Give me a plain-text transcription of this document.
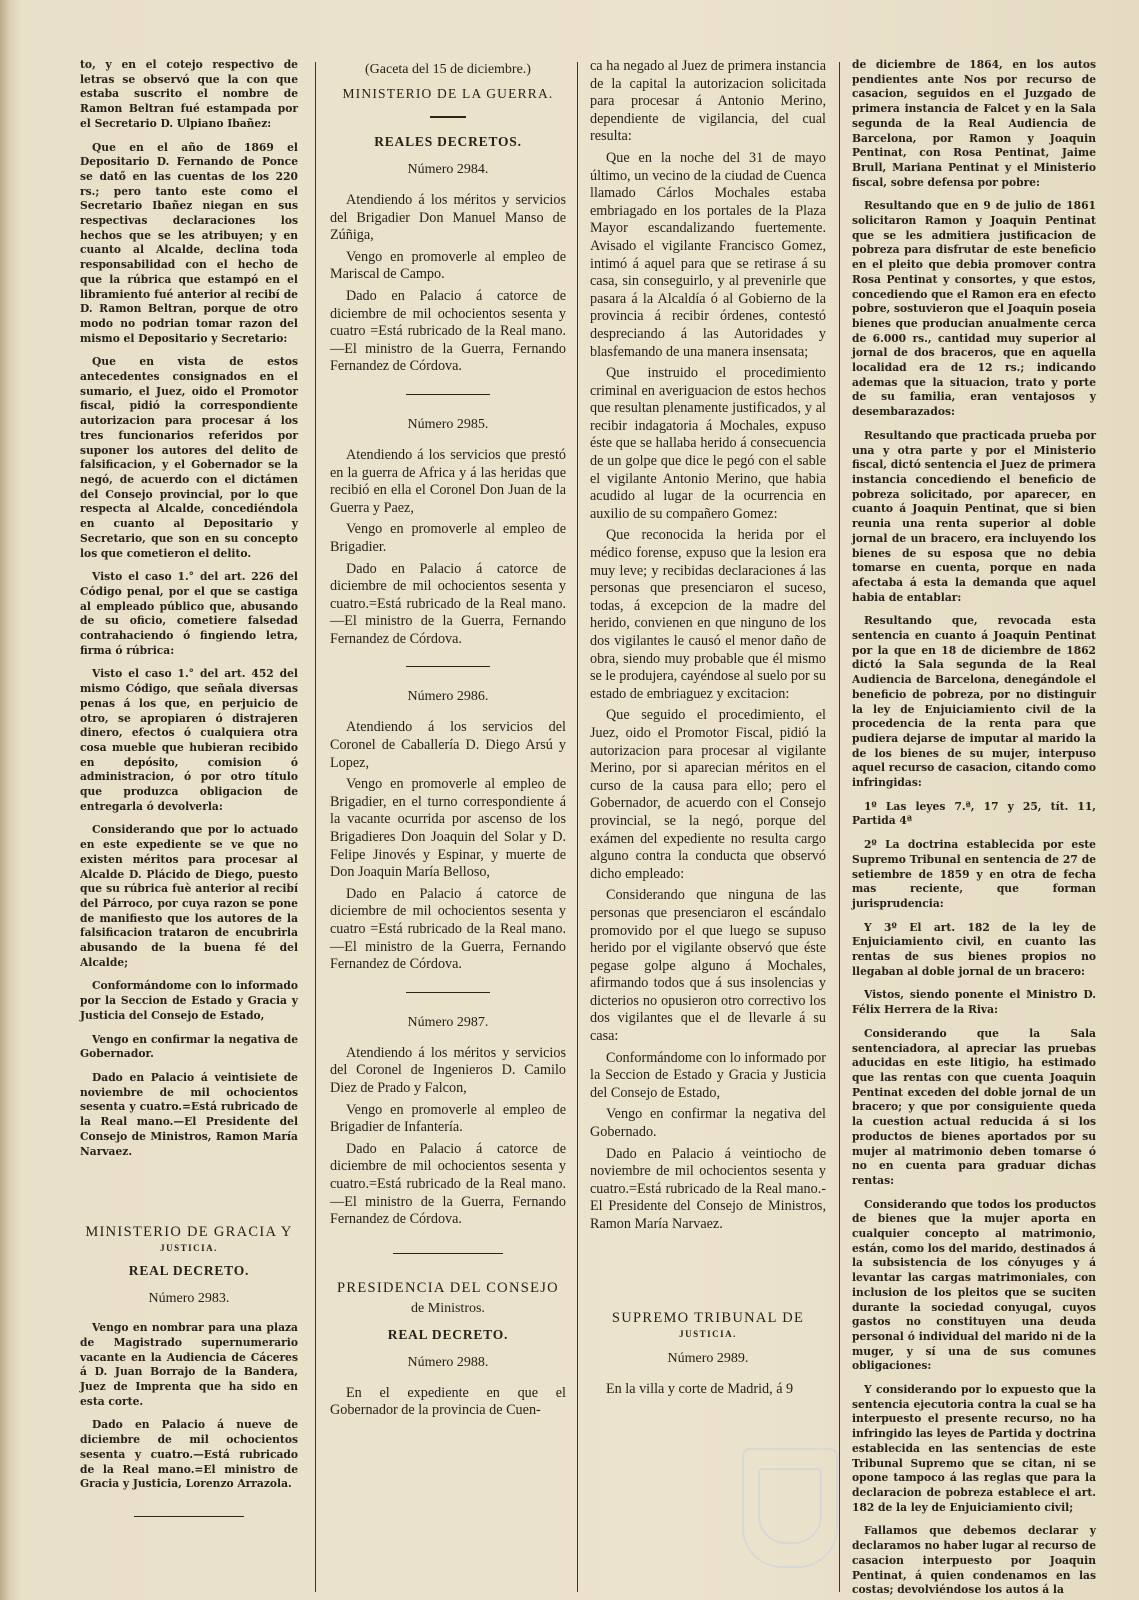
to, y en el cotejo respectivo de letras se observó que la con que estaba suscrito el nombre de Ramon Beltran fué estampada por el Secretario D. Ulpiano Ibañez:

Que en el año de 1869 el Depositario D. Fernando de Ponce se datő en las cuentas de los 220 rs.; pero tanto este como el Secretario Ibañez niegan en sus respectivas declaraciones los hechos que se les atribuyen; y en cuanto al Alcalde, declina toda responsabilidad con el hecho de que la rúbrica que estampó en el libramiento fué anterior al recibí de D. Ramon Beltran, porque de otro modo no podrian tomar razon del mismo el Depositario y Secretario:

Que en vista de estos antecedentes consignados en el sumario, el Juez, oido el Promotor fiscal, pidió la correspondiente autorizacion para procesar á los tres funcionarios referidos por suponer los autores del delito de falsificacion, y el Gobernador se la negó, de acuerdo con el dictámen del Consejo provincial, por lo que respecta al Alcalde, concediéndola en cuanto al Depositario y Secretario, que son en su concepto los que cometieron el delito.

Visto el caso 1.° del art. 226 del Código penal, por el que se castiga al empleado público que, abusando de su oficio, cometiere falsedad contrahaciendo ó fingiendo letra, firma ó rúbrica:

Visto el caso 1.° del art. 452 del mismo Código, que señala diversas penas á los que, en perjuicio de otro, se apropiaren ó distrajeren dinero, efectos ó cualquiera otra cosa mueble que hubieran recibido en depósito, comision ó administracion, ó por otro título que produzca obligacion de entregarla ó devolverla:

Considerando que por lo actuado en este expediente se ve que no existen méritos para procesar al Alcalde D. Plácido de Diego, puesto que su rúbrica fuè anterior al recibí del Párroco, por cuya razon se pone de manifiesto que los autores de la falsificacion trataron de encubrirla abusando de la buena fé del Alcalde;

Conformándome con lo informado por la Seccion de Estado y Gracia y Justicia del Consejo de Estado,

Vengo en confirmar la negativa de Gobernador.

Dado en Palacio á veintisiete de noviembre de mil ochocientos sesenta y cuatro.=Está rubricado de la Real mano.—El Presidente del Consejo de Ministros, Ramon María Narvaez.

MINISTERIO DE GRACIA Y
JUSTICIA.
REAL DECRETO.
Número 2983.

Vengo en nombrar para una plaza de Magistrado supernumerario vacante en la Audiencia de Cáceres á D. Juan Borrajo de la Bandera, Juez de Imprenta que ha sido en esta corte.

Dado en Palacio á nueve de diciembre de mil ochocientos sesenta y cuatro.—Está rubricado de la Real mano.=El ministro de Gracia y Justicia, Lorenzo Arrazola.

(Gaceta del 15 de diciembre.)
MINISTERIO DE LA GUERRA.
REALES DECRETOS.
Número 2984.

Atendiendo á los méritos y servicios del Brigadier Don Manuel Manso de Zúñiga,

Vengo en promoverle al empleo de Mariscal de Campo.

Dado en Palacio á catorce de diciembre de mil ochocientos sesenta y cuatro =Está rubricado de la Real mano.—El ministro de la Guerra, Fernando Fernandez de Córdova.

Número 2985.

Atendiendo á los servicios que prestó en la guerra de Africa y á las heridas que recibió en ella el Coronel Don Juan de la Guerra y Paez,

Vengo en promoverle al empleo de Brigadier.

Dado en Palacio á catorce de diciembre de mil ochocientos sesenta y cuatro.=Está rubricado de la Real mano.—El ministro de la Guerra, Fernando Fernandez de Córdova.

Número 2986.

Atendiendo á los servicios del Coronel de Caballería D. Diego Arsú y Lopez,

Vengo en promoverle al empleo de Brigadier, en el turno correspondiente á la vacante ocurrida por ascenso de los Brigadieres Don Joaquin del Solar y D. Felipe Jinovés y Espinar, y muerte de Don Joaquin María Belloso,

Dado en Palacio á catorce de diciembre de mil ochocientos sesenta y cuatro =Está rubricado de la Real mano.—El ministro de la Guerra, Fernando Fernandez de Córdova.

Número 2987.

Atendiendo á los méritos y servicios del Coronel de Ingenieros D. Camilo Diez de Prado y Falcon,

Vengo en promoverle al empleo de Brigadier de Infantería.

Dado en Palacio á catorce de diciembre de mil ochocientos sesenta y cuatro.=Está rubricado de la Real mano.—El ministro de la Guerra, Fernando Fernandez de Córdova.

PRESIDENCIA DEL CONSEJO
de Ministros.
REAL DECRETO.
Número 2988.

En el expediente en que el Gobernador de la provincia de Cuen-

ca ha negado al Juez de primera instancia de la capital la autorizacion solicitada para procesar á Antonio Merino, dependiente de vigilancia, del cual resulta:

Que en la noche del 31 de mayo último, un vecino de la ciudad de Cuenca llamado Cárlos Mochales estaba embriagado en los portales de la Plaza Mayor escandalizando fuertemente. Avisado el vigilante Francisco Gomez, intimó á aquel para que se retirase á su casa, sin conseguirlo, y al prevenirle que pasara á la Alcaldía ó al Gobierno de la provincia á recibir órdenes, contestó despreciando á las Autoridades y blasfemando de una manera insensata;

Que instruido el procedimiento criminal en averiguacion de estos hechos que resultan plenamente justificados, y al recibir indagatoria á Mochales, expuso éste que se hallaba herido á consecuencia de un golpe que dice le pegó con el sable el vigilante Antonio Merino, que habia acudido al lugar de la ocurrencia en auxilio de su compañero Gomez:

Que reconocida la herida por el médico forense, expuso que la lesion era muy leve; y recibidas declaraciones á las personas que presenciaron el suceso, todas, á excepcion de la madre del herido, convienen en que ninguno de los dos vigilantes le causó el menor daño de obra, siendo muy probable que él mismo se le produjera, cayéndose al suelo por su estado de embriaguez y excitacion:

Que seguido el procedimiento, el Juez, oido el Promotor Fiscal, pidió la autorizacion para procesar al vigilante Merino, por si aparecian méritos en el curso de la causa para ello; pero el Gobernador, de acuerdo con el Consejo provincial, se la negó, porque del exámen del expediente no resulta cargo alguno contra la conducta que observó dicho empleado:

Considerando que ninguna de las personas que presenciaron el escándalo promovido por el que luego se supuso herido por el vigilante observó que éste pegase golpe alguno á Mochales, afirmando todos que á sus insolencias y dicterios no opusieron otro correctivo los dos vigilantes que el de llevarle á su casa:

Conformándome con lo informado por la Seccion de Estado y Gracia y Justicia del Consejo de Estado,

Vengo en confirmar la negativa del Gobernado.

Dado en Palacio á veintiocho de noviembre de mil ochocientos sesenta y cuatro.=Está rubricado de la Real mano.-El Presidente del Consejo de Ministros, Ramon María Narvaez.

SUPREMO TRIBUNAL DE
JUSTICIA.
Número 2989.

En la villa y corte de Madrid, á 9

de diciembre de 1864, en los autos pendientes ante Nos por recurso de casacion, seguidos en el Juzgado de primera instancia de Falcet y en la Sala segunda de la Real Audiencia de Barcelona, por Ramon y Joaquin Pentinat, con Rosa Pentinat, Jaime Brull, Mariana Pentinat y el Ministerio fiscal, sobre defensa por pobre:

Resultando que en 9 de julio de 1861 solicitaron Ramon y Joaquin Pentinat que se les admitiera justificacion de pobreza para disfrutar de este beneficio en el pleito que debia promover contra Rosa Pentinat y consortes, y que estos, concediendo que el Ramon era en efecto pobre, sostuvieron que el Joaquin poseia bienes que producian anualmente cerca de 6.000 rs., cantidad muy superior al jornal de dos braceros, que en aquella localidad era de 12 rs.; indicando ademas que la situacion, trato y porte de su familia, eran ventajosos y desembarazados:

Resultando que practicada prueba por una y otra parte y por el Ministerio fiscal, dictó sentencia el Juez de primera instancia concediendo el beneficio de pobreza solicitado, por aparecer, en cuanto á Joaquin Pentinat, que si bien reunia una renta superior al doble jornal de un bracero, era incluyendo los bienes de su esposa que no debia tomarse en cuenta, porque en nada afectaba á esta la demanda que aquel habia de entablar:

Resultando que, revocada esta sentencia en cuanto á Joaquin Pentinat por la que en 18 de diciembre de 1862 dictó la Sala segunda de la Real Audiencia de Barcelona, denegándole el beneficio de pobreza, por no distinguir la ley de Enjuiciamiento civil de la procedencia de la renta para que pudiera dejarse de imputar al marido la de los bienes de su mujer, interpuso aquel recurso de casacion, citando como infringidas:

1º Las leyes 7.ª, 17 y 25, tít. 11, Partida 4ª

2º La doctrina establecida por este Supremo Tribunal en sentencia de 27 de setiembre de 1859 y en otra de fecha mas reciente, que forman jurisprudencia:

Y 3º El art. 182 de la ley de Enjuiciamiento civil, en cuanto las rentas de sus bienes propios no llegaban al doble jornal de un bracero:

Vistos, siendo ponente el Ministro D. Félix Herrera de la Riva:

Considerando que la Sala sentenciadora, al apreciar las pruebas aducidas en este litigio, ha estimado que las rentas con que cuenta Joaquin Pentinat exceden del doble jornal de un bracero; y que por consiguiente queda la cuestion actual reducida á si los productos de bienes aportados por su mujer al matrimonio deben tomarse ó no en cuenta para graduar dichas rentas:

Considerando que todos los productos de bienes que la mujer aporta en cualquier concepto al matrimonio, están, como los del marido, destinados á la subsistencia de los cónyuges y á levantar las cargas matrimoniales, con inclusion de los pleitos que se suciten durante la sociedad conyugal, cuyos gastos no constituyen una deuda personal ó individual del marido ni de la muger, y sí una de sus comunes obligaciones:

Y considerando por lo expuesto que la sentencia ejecutoria contra la cual se ha interpuesto el presente recurso, no ha infringido las leyes de Partida y doctrina establecida en las sentencias de este Tribunal Supremo que se citan, ni se opone tampoco á las reglas que para la declaracion de pobreza establece el art. 182 de la ley de Enjuiciamiento civil;

Fallamos que debemos declarar y declaramos no haber lugar al recurso de casacion interpuesto por Joaquin Pentinat, á quien condenamos en las costas; devolviéndose los autos á la
